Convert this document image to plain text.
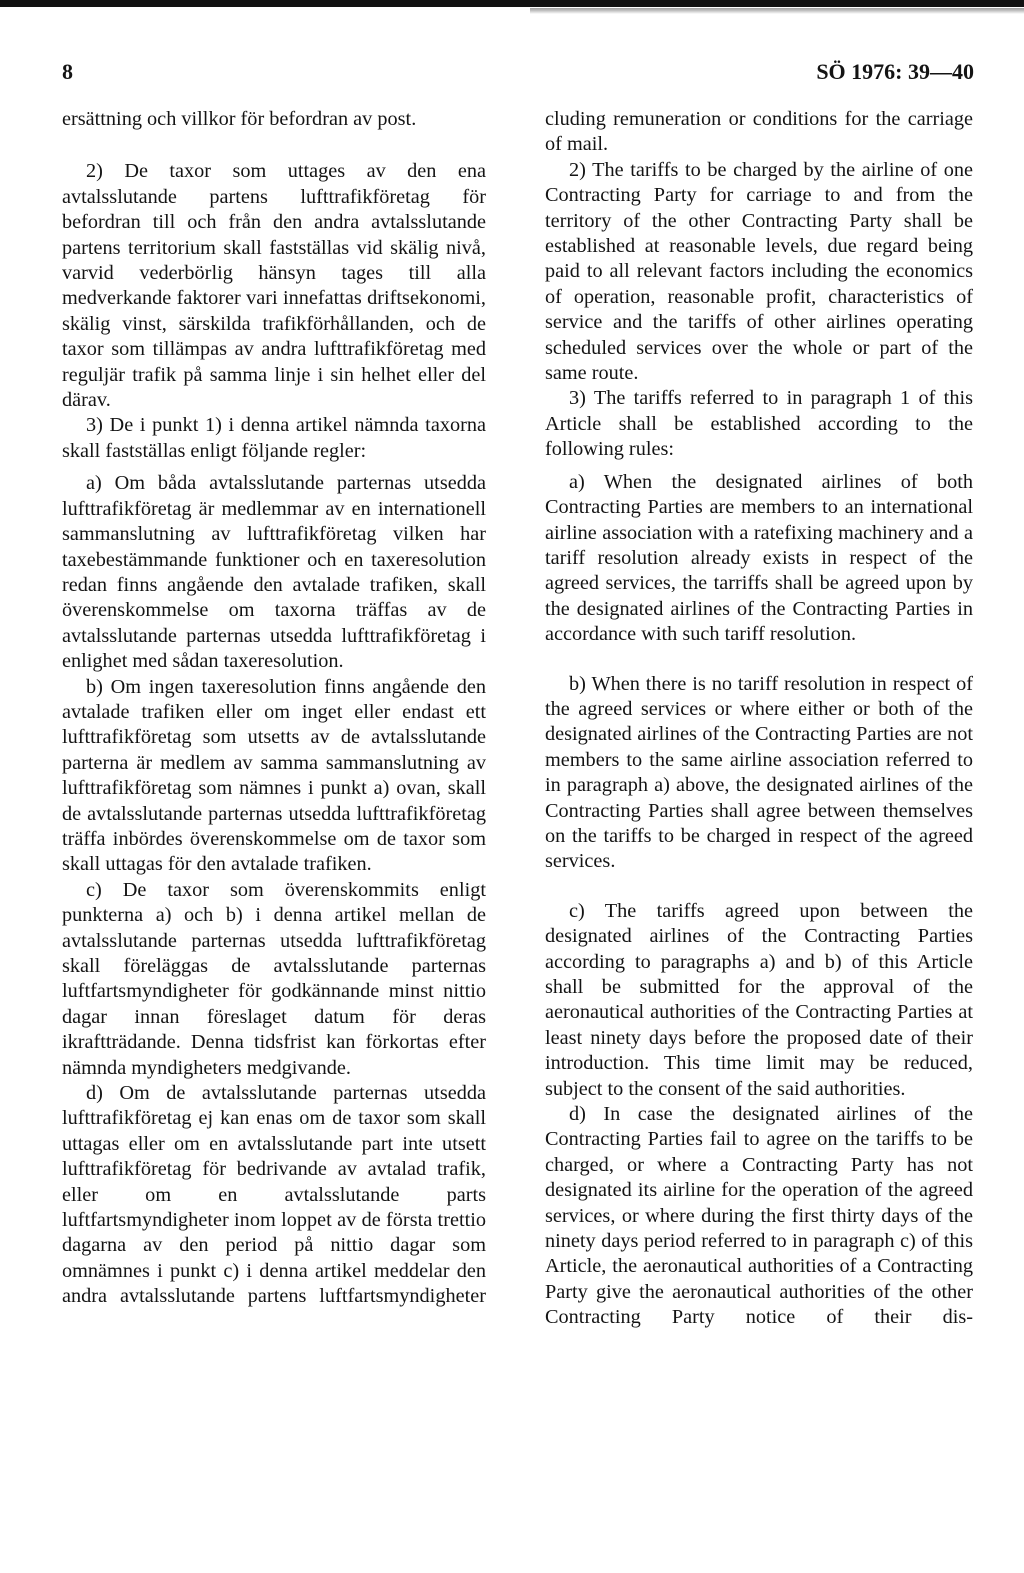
8	SÖ 1976: 39—40

ersättning och villkor för befordran av post.

2) De taxor som uttages av den ena avtalsslutande partens lufttrafikföretag för befordran till och från den andra avtalsslutande partens territorium skall fastställas vid skälig nivå, varvid vederbörlig hänsyn tages till alla medverkande faktorer vari innefattas driftsekonomi, skälig vinst, särskilda trafikförhållanden, och de taxor som tillämpas av andra lufttrafikföretag med reguljär trafik på samma linje i sin helhet eller del därav.

3) De i punkt 1) i denna artikel nämnda taxorna skall fastställas enligt följande regler:

a) Om båda avtalsslutande parternas utsedda lufttrafikföretag är medlemmar av en internationell sammanslutning av lufttrafikföretag vilken har taxebestämmande funktioner och en taxeresolution redan finns angående den avtalade trafiken, skall överenskommelse om taxorna träffas av de avtalsslutande parternas utsedda lufttrafikföretag i enlighet med sådan taxeresolution.

b) Om ingen taxeresolution finns angående den avtalade trafiken eller om inget eller endast ett lufttrafikföretag som utsetts av de avtalsslutande parterna är medlem av samma sammanslutning av lufttrafikföretag som nämnes i punkt a) ovan, skall de avtalsslutande parternas utsedda lufttrafikföretag träffa inbördes överenskommelse om de taxor som skall uttagas för den avtalade trafiken.

c) De taxor som överenskommits enligt punkterna a) och b) i denna artikel mellan de avtalsslutande parternas utsedda lufttrafikföretag skall föreläggas de avtalsslutande parternas luftfartsmyndigheter för godkännande minst nittio dagar innan föreslaget datum för deras ikraftträdande. Denna tidsfrist kan förkortas efter nämnda myndigheters medgivande.

d) Om de avtalsslutande parternas utsedda lufttrafikföretag ej kan enas om de taxor som skall uttagas eller om en avtalsslutande part inte utsett lufttrafikföretag för bedrivande av avtalad trafik, eller om en avtalsslutande parts luftfartsmyndigheter inom loppet av de första trettio dagarna av den period på nittio dagar som omnämnes i punkt c) i denna artikel meddelar den andra avtalsslutande partens luftfartsmyndigheter

cluding remuneration or conditions for the carriage of mail.

2) The tariffs to be charged by the airline of one Contracting Party for carriage to and from the territory of the other Contracting Party shall be established at reasonable levels, due regard being paid to all relevant factors including the economics of operation, reasonable profit, characteristics of service and the tariffs of other airlines operating scheduled services over the whole or part of the same route.

3) The tariffs referred to in paragraph 1 of this Article shall be established according to the following rules:

a) When the designated airlines of both Contracting Parties are members to an international airline association with a ratefixing machinery and a tariff resolution already exists in respect of the agreed services, the tarriffs shall be agreed upon by the designated airlines of the Contracting Parties in accordance with such tariff resolution.

b) When there is no tariff resolution in respect of the agreed services or where either or both of the designated airlines of the Contracting Parties are not members to the same airline association referred to in paragraph a) above, the designated airlines of the Contracting Parties shall agree between themselves on the tariffs to be charged in respect of the agreed services.

c) The tariffs agreed upon between the designated airlines of the Contracting Parties according to paragraphs a) and b) of this Article shall be submitted for the approval of the aeronautical authorities of the Contracting Parties at least ninety days before the proposed date of their introduction. This time limit may be reduced, subject to the consent of the said authorities.

d) In case the designated airlines of the Contracting Parties fail to agree on the tariffs to be charged, or where a Contracting Party has not designated its airline for the operation of the agreed services, or where during the first thirty days of the ninety days period referred to in paragraph c) of this Article, the aeronautical authorities of a Contracting Party give the aeronautical authorities of the other Contracting Party notice of their dis-
